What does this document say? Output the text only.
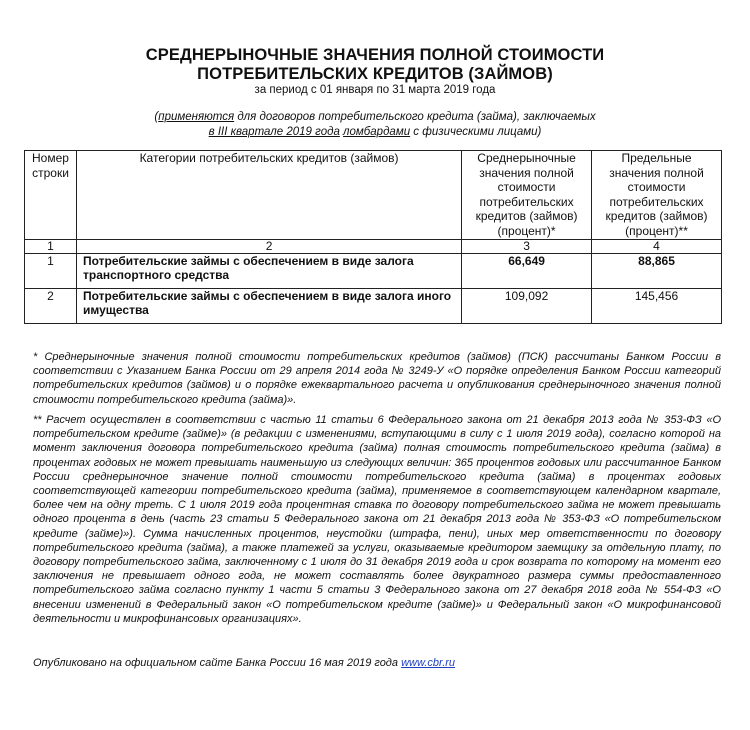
СРЕДНЕРЫНОЧНЫЕ ЗНАЧЕНИЯ ПОЛНОЙ СТОИМОСТИ
ПОТРЕБИТЕЛЬСКИХ КРЕДИТОВ (ЗАЙМОВ)
за период с 01 января по 31 марта 2019 года
(применяются для договоров потребительского кредита (займа), заключаемых
в III квартале 2019 года ломбардами с физическими лицами)
Номер строки	Категории потребительских кредитов (займов)	Среднерыночные значения полной стоимости потребительских кредитов (займов) (процент)*	Предельные значения полной стоимости потребительских кредитов (займов) (процент)**
1	2	3	4
1	Потребительские займы с обеспечением в виде залога транспортного средства	66,649	88,865
2	Потребительские займы с обеспечением в виде залога иного имущества	109,092	145,456
* Среднерыночные значения полной стоимости потребительских кредитов (займов) (ПСК) рассчитаны Банком России в соответствии с Указанием Банка России от 29 апреля 2014 года № 3249-У «О порядке определения Банком России категорий потребительских кредитов (займов) и о порядке ежеквартального расчета и опубликования среднерыночного значения полной стоимости потребительского кредита (займа)».
** Расчет осуществлен в соответствии с частью 11 статьи 6 Федерального закона от 21 декабря 2013 года № 353-ФЗ «О потребительском кредите (займе)» (в редакции с изменениями, вступающими в силу с 1 июля 2019 года), согласно которой на момент заключения договора потребительского кредита (займа) полная стоимость потребительского кредита (займа) в процентах годовых не может превышать наименьшую из следующих величин: 365 процентов годовых или рассчитанное Банком России среднерыночное значение полной стоимости потребительского кредита (займа) в процентах годовых соответствующей категории потребительского кредита (займа), применяемое в соответствующем календарном квартале, более чем на одну треть. С 1 июля 2019 года процентная ставка по договору потребительского займа не может превышать одного процента в день (часть 23 статьи 5 Федерального закона от 21 декабря 2013 года № 353-ФЗ «О потребительском кредите (займе)»). Сумма начисленных процентов, неустойки (штрафа, пени), иных мер ответственности по договору потребительского кредита (займа), а также платежей за услуги, оказываемые кредитором заемщику за отдельную плату, по договору потребительского займа, заключенному с 1 июля до 31 декабря 2019 года и срок возврата по которому на момент его заключения не превышает одного года, не может составлять более двукратного размера суммы предоставленного потребительского займа согласно пункту 1 части 5 статьи 3 Федерального закона от 27 декабря 2018 года № 554-ФЗ «О внесении изменений в Федеральный закон «О потребительском кредите (займе)» и Федеральный закон «О микрофинансовой деятельности и микрофинансовых организациях».
Опубликовано на официальном сайте Банка России 16 мая 2019 года www.cbr.ru
